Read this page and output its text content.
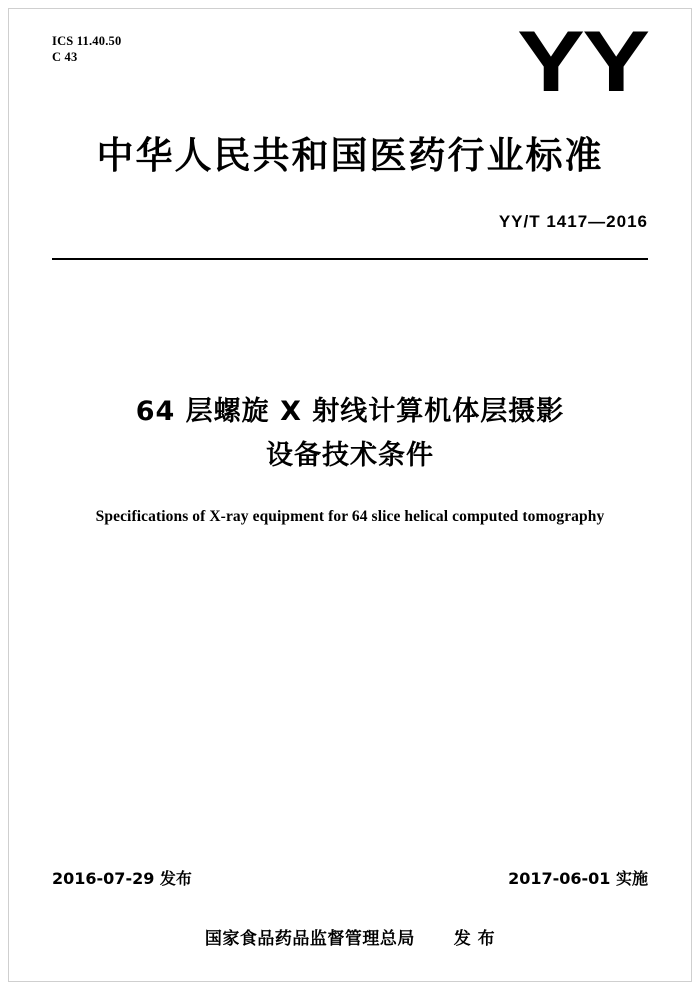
ICS 11.40.50
C 43	YY
中华人民共和国医药行业标准
YY/T 1417—2016
64 层螺旋 X 射线计算机体层摄影
设备技术条件
Specifications of X-ray equipment for 64 slice helical computed tomography
2016-07-29 发布	2017-06-01 实施
国家食品药品监督管理总局 发 布
